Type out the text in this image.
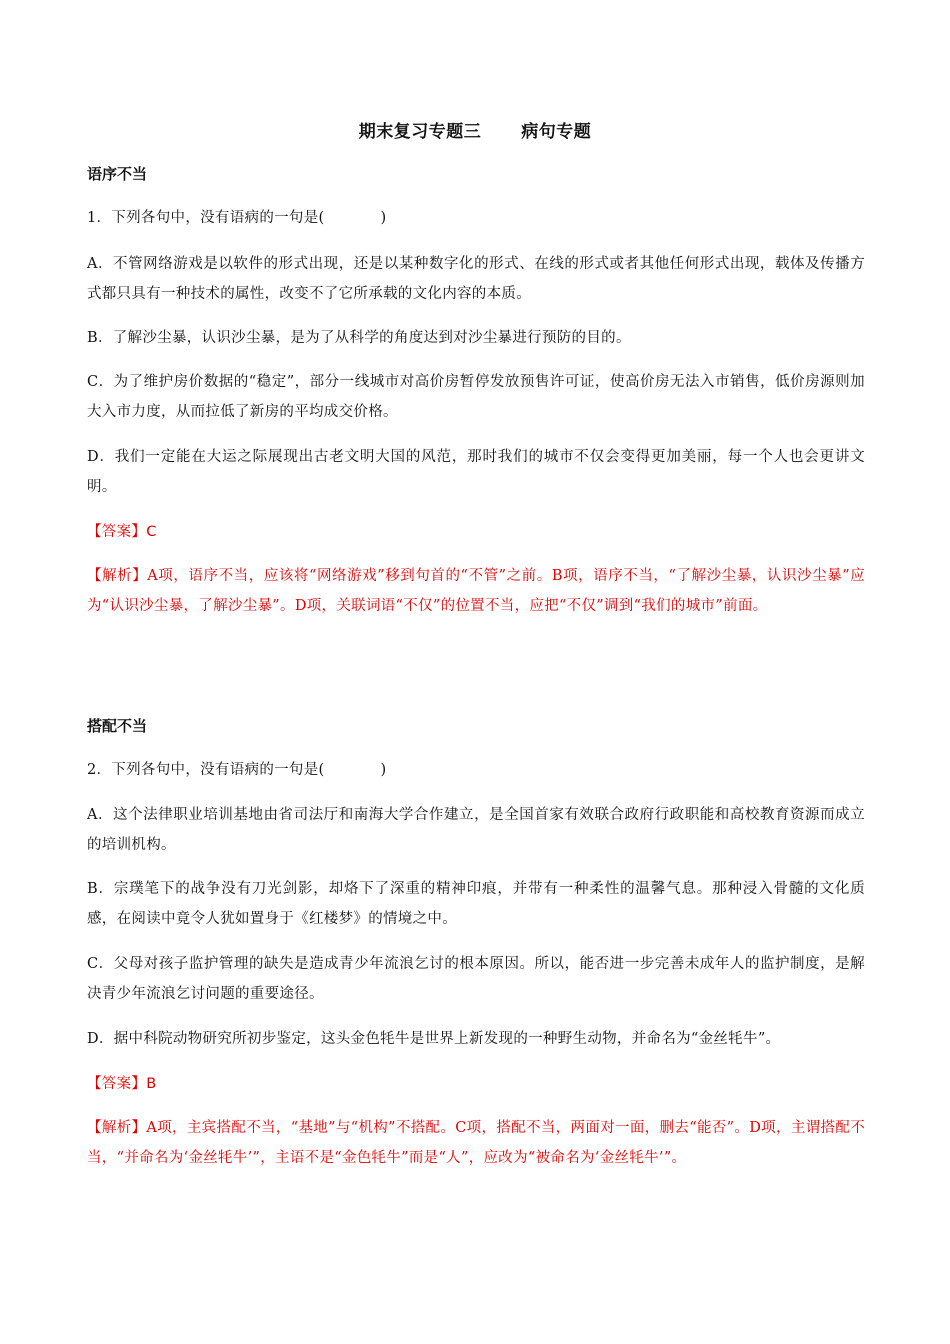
期末复习专题三 病句专题
语序不当
1．下列各句中，没有语病的一句是(	)
A．不管网络游戏是以软件的形式出现，还是以某种数字化的形式、在线的形式或者其他任何形式出现，载体及传播方式都只具有一种技术的属性，改变不了它所承载的文化内容的本质。
B．了解沙尘暴，认识沙尘暴，是为了从科学的角度达到对沙尘暴进行预防的目的。
C．为了维护房价数据的“稳定”，部分一线城市对高价房暂停发放预售许可证，使高价房无法入市销售，低价房源则加大入市力度，从而拉低了新房的平均成交价格。
D．我们一定能在大运之际展现出古老文明大国的风范，那时我们的城市不仅会变得更加美丽，每一个人也会更讲文明。
【答案】C
【解析】A项，语序不当，应该将“网络游戏”移到句首的“不管”之前。B项，语序不当，“了解沙尘暴，认识沙尘暴”应为“认识沙尘暴，了解沙尘暴”。D项，关联词语“不仅”的位置不当，应把“不仅”调到“我们的城市”前面。
搭配不当
2．下列各句中，没有语病的一句是(	)
A．这个法律职业培训基地由省司法厅和南海大学合作建立，是全国首家有效联合政府行政职能和高校教育资源而成立的培训机构。
B．宗璞笔下的战争没有刀光剑影，却烙下了深重的精神印痕，并带有一种柔性的温馨气息。那种浸入骨髓的文化质感，在阅读中竟令人犹如置身于《红楼梦》的情境之中。
C．父母对孩子监护管理的缺失是造成青少年流浪乞讨的根本原因。所以，能否进一步完善未成年人的监护制度，是解决青少年流浪乞讨问题的重要途径。
D．据中科院动物研究所初步鉴定，这头金色牦牛是世界上新发现的一种野生动物，并命名为“金丝牦牛”。
【答案】B
【解析】A项，主宾搭配不当，“基地”与“机构”不搭配。C项，搭配不当，两面对一面，删去“能否”。D项，主谓搭配不当，“并命名为‘金丝牦牛’”，主语不是“金色牦牛”而是“人”，应改为“被命名为‘金丝牦牛’”。
